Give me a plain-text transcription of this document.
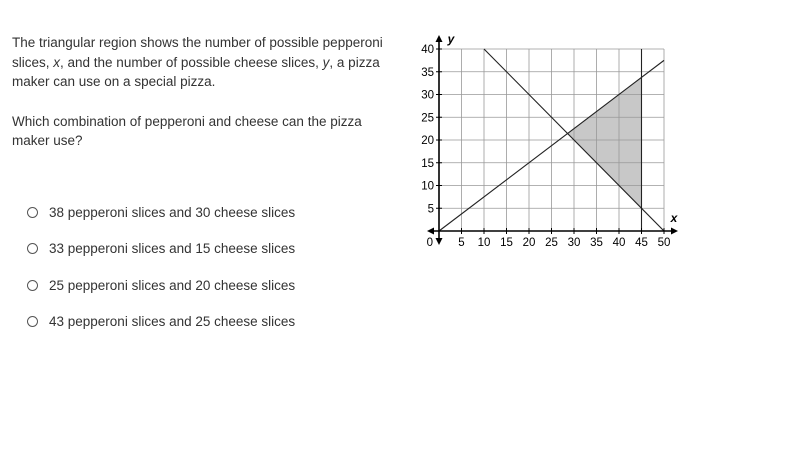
The triangular region shows the number of possible pepperoni slices, x, and the number of possible cheese slices, y, a pizza maker can use on a special pizza.

Which combination of pepperoni and cheese can the pizza maker use?

38 pepperoni slices and 30 cheese slices
33 pepperoni slices and 15 cheese slices
25 pepperoni slices and 20 cheese slices
43 pepperoni slices and 25 cheese slices
5 10 15 20 25 30 35 40 45 50
5
10
15
20
25
30
35
40
0
x
y
